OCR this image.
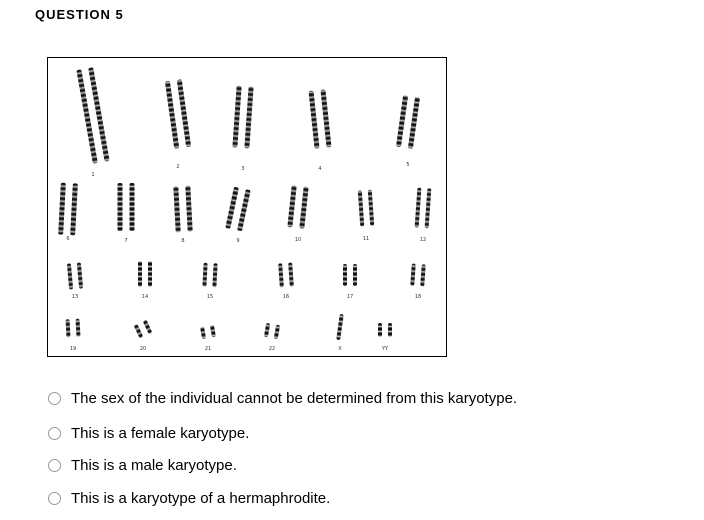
QUESTION 5
1
2	3	4
5
6	7	8	9	10	11	12
13	14	15	16	17	18
19	20	21	22	X	YY
The sex of the individual cannot be determined from this karyotype.
This is a female karyotype.
This is a male karyotype.
This is a karyotype of a hermaphrodite.
